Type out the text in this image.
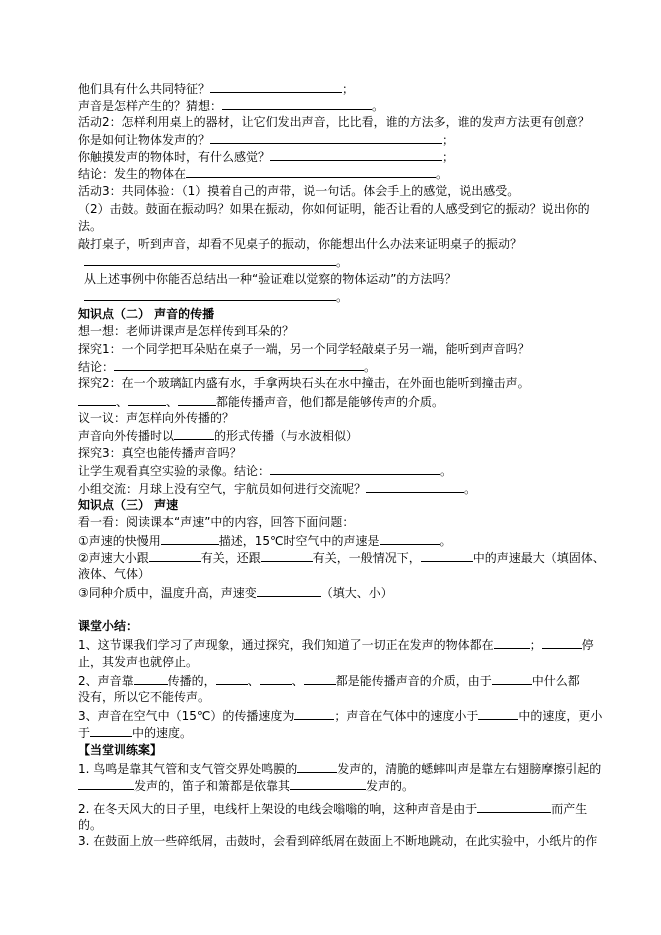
他们具有什么共同特征？	；
声音是怎样产生的？猜想：	。
活动2：怎样利用桌上的器材，让它们发出声音，比比看，谁的方法多，谁的发声方法更有创意？
你是如何让物体发声的？	；
你触摸发声的物体时，有什么感觉？	；
结论：发生的物体在	。
活动3：共同体验：（1）摸着自己的声带，说一句话。体会手上的感觉，说出感受。
（2）击鼓。鼓面在振动吗？如果在振动，你如何证明，能否让看的人感受到它的振动？说出你的
法。
敲打桌子，听到声音，却看不见桌子的振动，你能想出什么办法来证明桌子的振动？
。
从上述事例中你能否总结出一种“验证难以觉察的物体运动”的方法吗？
。
知识点（二） 声音的传播
想一想：老师讲课声是怎样传到耳朵的？
探究1：一个同学把耳朵贴在桌子一端，另一个同学轻敲桌子另一端，能听到声音吗？
结论：	。
探究2：在一个玻璃缸内盛有水，手拿两块石头在水中撞击，在外面也能听到撞击声。
、	、	都能传播声音，他们都是能够传声的介质。
议一议：声怎样向外传播的？
声音向外传播时以	的形式传播（与水波相似）
探究3：真空也能传播声音吗？
让学生观看真空实验的录像。结论：	。
小组交流：月球上没有空气，宇航员如何进行交流呢？	。
知识点（三） 声速
看一看：阅读课本“声速”中的内容，回答下面问题：
①声速的快慢用	描述，15℃时空气中的声速是	。
②声速大小跟	有关，还跟	有关，一般情况下，	中的声速最大（填固体、
液体、气体）
③同种介质中，温度升高，声速变	（填大、小）
课堂小结：
1、这节课我们学习了声现象，通过探究，我们知道了一切正在发声的物体都在	；	停
止，其发声也就停止。
2、声音靠	传播的，	、	、	都是能传播声音的介质，由于	中什么都
没有，所以它不能传声。
3、声音在空气中（15℃）的传播速度为	；声音在气体中的速度小于	中的速度，更小
于	中的速度。
【当堂训练案】
1. 鸟鸣是靠其气管和支气管交界处鸣膜的	发声的，清脆的蟋蟀叫声是靠左右翅膀摩擦引起的
发声的，笛子和箫都是依靠其	发声的。
2. 在冬天风大的日子里，电线杆上架设的电线会嗡嗡的响，这种声音是由于	而产生
的。
3. 在鼓面上放一些碎纸屑，击鼓时，会看到碎纸屑在鼓面上不断地跳动，在此实验中，小纸片的作
